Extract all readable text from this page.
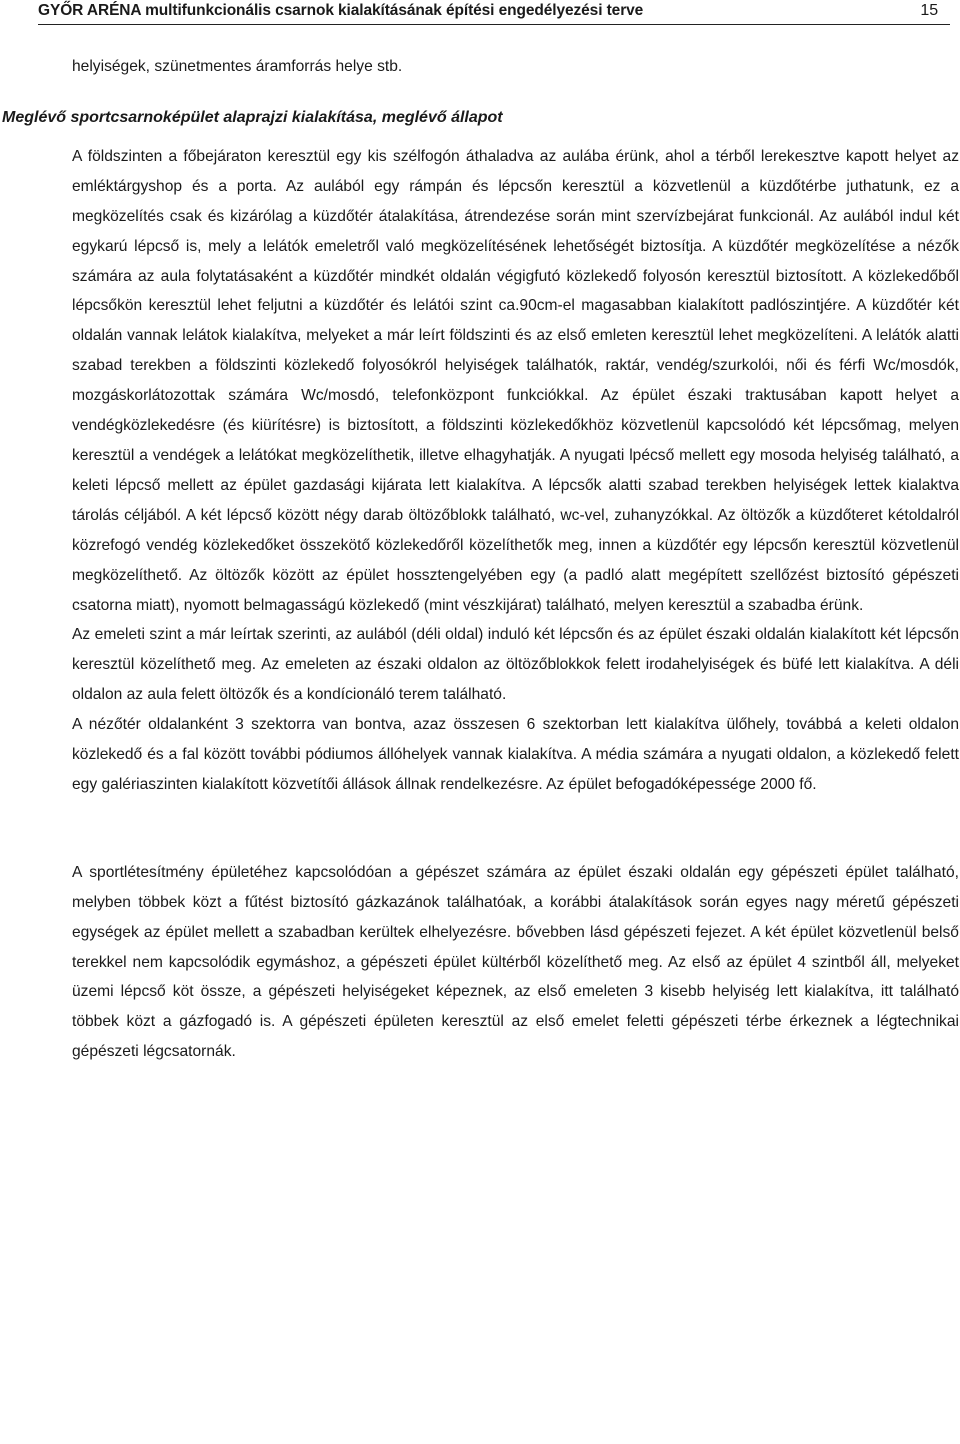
GYŐR ARÉNA multifunkcionális csarnok kialakításának építési engedélyezési terve	15

helyiségek, szünetmentes áramforrás helye stb.

A földszinten a főbejáraton keresztül egy kis szélfogón áthaladva az aulába érünk, ahol a térből lerekesztve kapott helyet az emléktárgyshop és a porta. Az aulából egy rámpán és lépcsőn keresztül a közvetlenül a küzdőtérbe juthatunk, ez a megközelítés csak és kizárólag a küzdőtér átalakítása, átrendezése során mint szervízbejárat funkcionál. Az aulából indul két egykarú lépcső is, mely a lelátók emeletről való megközelítésének lehetőségét biztosítja. A küzdőtér megközelítése a nézők számára az aula folytatásaként a küzdőtér mindkét oldalán végigfutó közlekedő folyosón keresztül biztosított. A közlekedőből lépcsőkön keresztül lehet feljutni a küzdőtér és lelátói szint ca.90cm-el magasabban kialakított padlószintjére. A küzdőtér két oldalán vannak lelátok kialakítva, melyeket a már leírt földszinti és az első emleten keresztül lehet megközelíteni. A lelátók alatti szabad terekben a földszinti közlekedő folyosókról helyiségek találhatók, raktár, vendég/szurkolói, női és férfi Wc/mosdók, mozgáskorlátozottak számára Wc/mosdó, telefonközpont funkciókkal. Az épület északi traktusában kapott helyet a vendégközlekedésre (és kiürítésre) is biztosított, a földszinti közlekedőkhöz közvetlenül kapcsolódó két lépcsőmag, melyen keresztül a vendégek a lelátókat megközelíthetik, illetve elhagyhatják. A nyugati lpécső mellett egy mosoda helyiség található, a keleti lépcső mellett az épület gazdasági kijárata lett kialakítva. A lépcsők alatti szabad terekben helyiségek lettek kialaktva tárolás céljából. A két lépcső között négy darab öltözőblokk található, wc-vel, zuhanyzókkal. Az öltözők a küzdőteret kétoldalról közrefogó vendég közlekedőket összekötő közlekedőről közelíthetők meg, innen a küzdőtér egy lépcsőn keresztül közvetlenül megközelíthető. Az öltözők között az épület hossztengelyében egy (a padló alatt megépített szellőzést biztosító gépészeti csatorna miatt), nyomott belmagasságú közlekedő (mint vészkijárat) található, melyen keresztül a szabadba érünk.

Az emeleti szint a már leírtak szerinti, az aulából (déli oldal) induló két lépcsőn és az épület északi oldalán kialakított két lépcsőn keresztül közelíthető meg. Az emeleten az északi oldalon az öltözőblokkok felett irodahelyiségek és büfé lett kialakítva. A déli oldalon az aula felett öltözők és a kondícionáló terem található.

A nézőtér oldalanként 3 szektorra van bontva, azaz összesen 6 szektorban lett kialakítva ülőhely, továbbá a keleti oldalon közlekedő és a fal között további pódiumos állóhelyek vannak kialakítva. A média számára a nyugati oldalon, a közlekedő felett egy galériaszinten kialakított közvetítői állások állnak rendelkezésre. Az épület befogadóképessége 2000 fő.

A sportlétesítmény épületéhez kapcsolódóan a gépészet számára az épület északi oldalán egy gépészeti épület található, melyben többek közt a fűtést biztosító gázkazánok találhatóak, a korábbi átalakítások során egyes nagy méretű gépészeti egységek az épület mellett a szabadban kerültek elhelyezésre. bővebben lásd gépészeti fejezet. A két épület közvetlenül belső terekkel nem kapcsolódik egymáshoz, a gépészeti épület kültérből közelíthető meg. Az első az épület 4 szintből áll, melyeket üzemi lépcső köt össze, a gépészeti helyiségeket képeznek, az első emeleten 3 kisebb helyiség lett kialakítva, itt található többek közt a gázfogadó is. A gépészeti épületen keresztül az első emelet feletti gépészeti térbe érkeznek a légtechnikai gépészeti légcsatornák.

Meglévő sportcsarnoképület alaprajzi kialakítása, meglévő állapot
